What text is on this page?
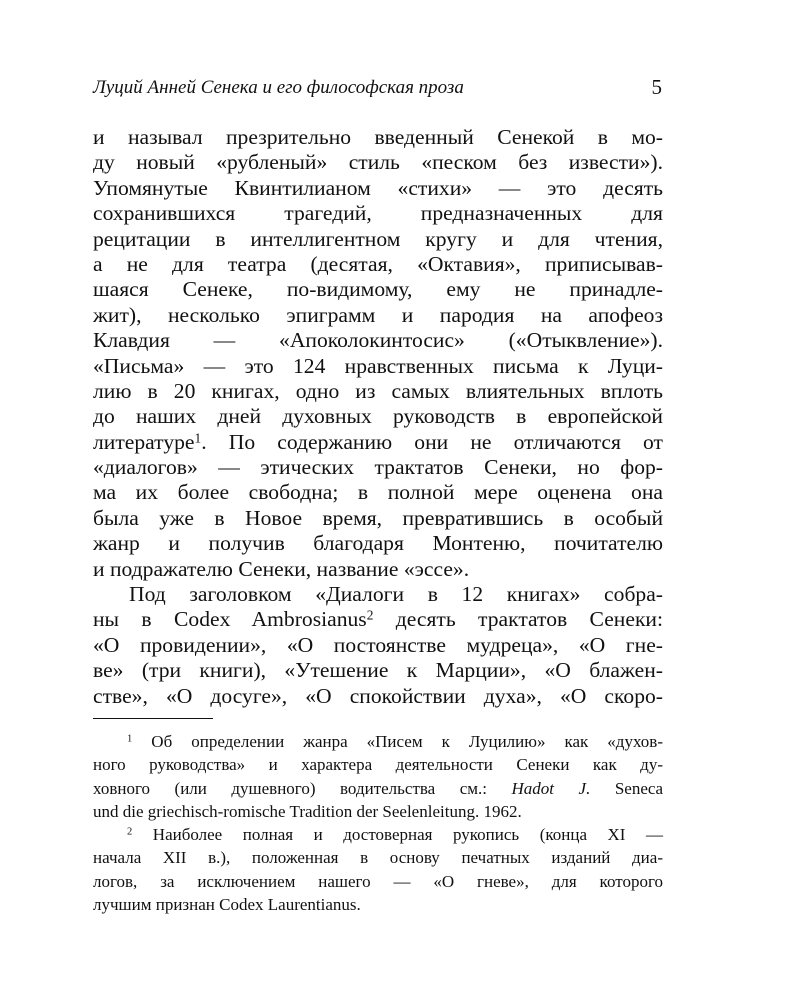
Луций Анней Сенека и его философская проза	5
и называл презрительно введенный Сенекой в мо-
ду новый «рубленый» стиль «песком без извести»).
Упомянутые Квинтилианом «стихи» — это десять
сохранившихся трагедий, предназначенных для
рецитации в интеллигентном кругу и для чтения,
а не для театра (десятая, «Октавия», приписывав-
шаяся Сенеке, по-видимому, ему не принадле-
жит), несколько эпиграмм и пародия на апофеоз
Клавдия — «Апоколокинтосис» («Отыквление»).
«Письма» — это 124 нравственных письма к Луци-
лию в 20 книгах, одно из самых влиятельных вплоть
до наших дней духовных руководств в европейской
литературе$^1$. По содержанию они не отличаются от
«диалогов» — этических трактатов Сенеки, но фор-
ма их более свободна; в полной мере оценена она
была уже в Новое время, превратившись в особый
жанр и получив благодаря Монтеню, почитателю
и подражателю Сенеки, название «эссе».
Под заголовком «Диалоги в 12 книгах» собра-
ны в Codex Ambrosianus$^2$ десять трактатов Сенеки:
«О провидении», «О постоянстве мудреца», «О гне-
ве» (три книги), «Утешение к Марции», «О блажен-
стве», «О досуге», «О спокойствии духа», «О скоро-
$^1$ Об определении жанра «Писем к Луцилию» как «духов-
ного руководства» и характера деятельности Сенеки как ду-
ховного (или душевного) водительства см.: Hadot J. Seneca
und die griechisch-romische Tradition der Seelenleitung. 1962.
$^2$ Наиболее полная и достоверная рукопись (конца XI —
начала XII в.), положенная в основу печатных изданий диа-
логов, за исключением нашего — «О гневе», для которого
лучшим признан Codex Laurentianus.
